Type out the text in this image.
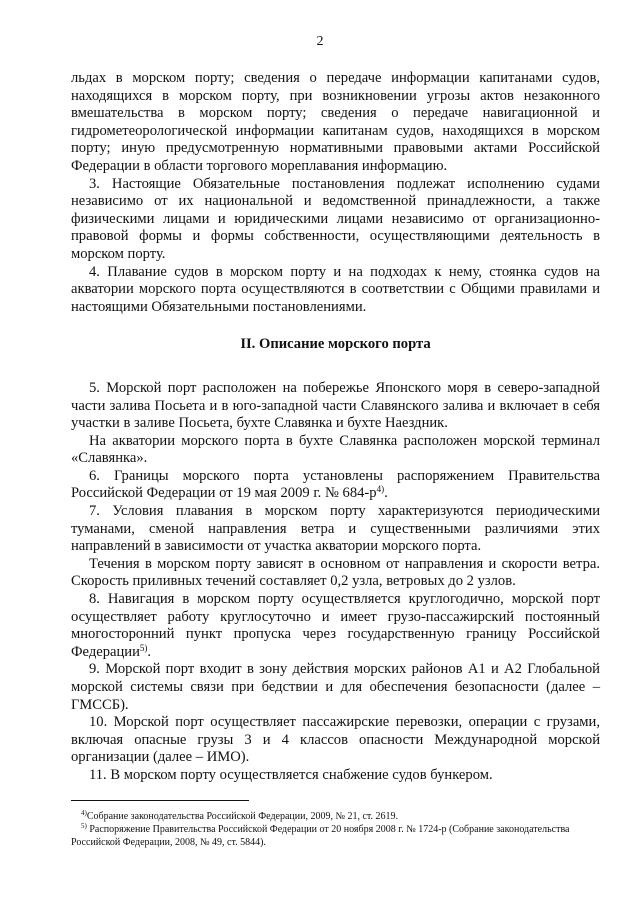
2

льдах в морском порту; сведения о передаче информации капитанами судов, находящихся в морском порту, при возникновении угрозы актов незаконного вмешательства в морском порту; сведения о передаче навигационной и гидрометеорологической информации капитанам судов, находящихся в морском порту; иную предусмотренную нормативными правовыми актами Российской Федерации в области торгового мореплавания информацию.

3. Настоящие Обязательные постановления подлежат исполнению судами независимо от их национальной и ведомственной принадлежности, а также физическими лицами и юридическими лицами независимо от организационно-правовой формы и формы собственности, осуществляющими деятельность в морском порту.

4. Плавание судов в морском порту и на подходах к нему, стоянка судов на акватории морского порта осуществляются в соответствии с Общими правилами и настоящими Обязательными постановлениями.

II. Описание морского порта

5. Морской порт расположен на побережье Японского моря в северо-западной части залива Посьета и в юго-западной части Славянского залива и включает в себя участки в заливе Посьета, бухте Славянка и бухте Наездник.

На акватории морского порта в бухте Славянка расположен морской терминал «Славянка».

6. Границы морского порта установлены распоряжением Правительства Российской Федерации от 19 мая 2009 г. № $684-р^{4)}$.

7. Условия плавания в морском порту характеризуются периодическими туманами, сменой направления ветра и существенными различиями этих направлений в зависимости от участка акватории морского порта.

Течения в морском порту зависят в основном от направления и скорости ветра. Скорость приливных течений составляет 0,2 узла, ветровых до 2 узлов.

8. Навигация в морском порту осуществляется круглогодично, морской порт осуществляет работу круглосуточно и имеет грузо-пассажирский постоянный многосторонний пункт пропуска через государственную границу Российской Федерации$^{5)}$.

9. Морской порт входит в зону действия морских районов А1 и А2 Глобальной морской системы связи при бедствии и для обеспечения безопасности (далее – ГМССБ).

10. Морской порт осуществляет пассажирские перевозки, операции с грузами, включая опасные грузы 3 и 4 классов опасности Международной морской организации (далее – ИМО).

11. В морском порту осуществляется снабжение судов бункером.

$^{4)}$Собрание законодательства Российской Федерации, 2009, № 21, ст. 2619.

$^{5)}$ Распоряжение Правительства Российской Федерации от 20 ноября 2008 г. № 1724-р (Собрание законодательства Российской Федерации, 2008, № 49, ст. 5844).
